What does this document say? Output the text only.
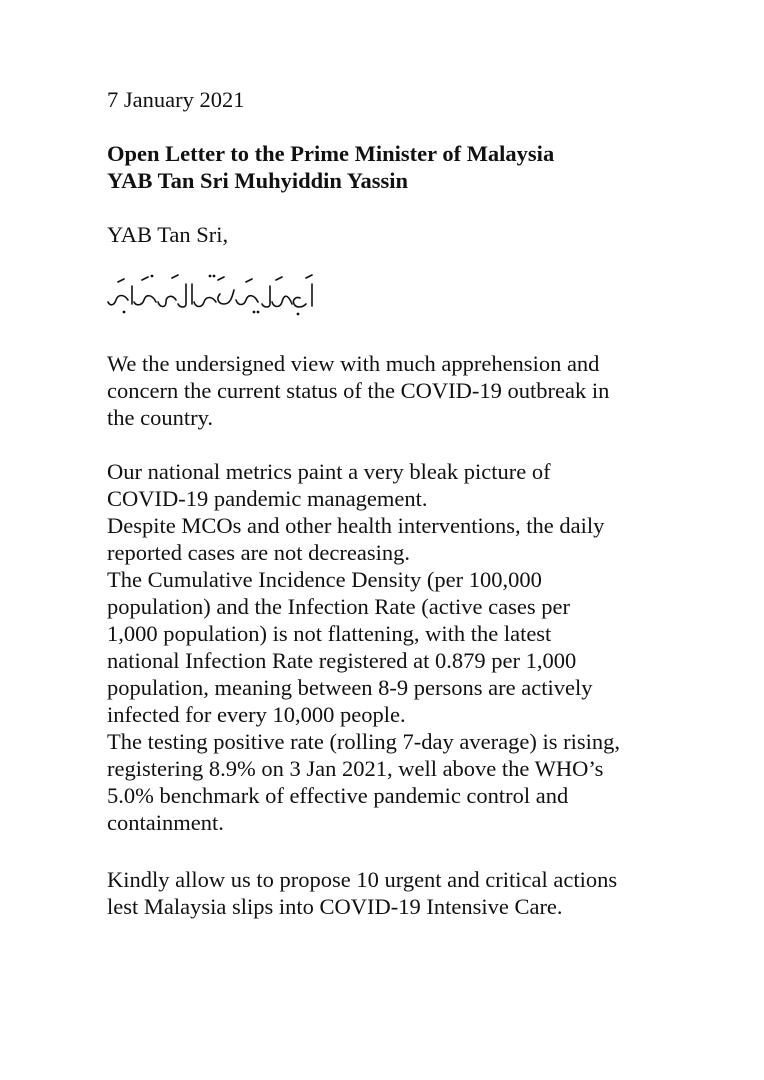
7 January 2021

Open Letter to the Prime Minister of Malaysia
YAB Tan Sri Muhyiddin Yassin

YAB Tan Sri,

We the undersigned view with much apprehension and
concern the current status of the COVID-19 outbreak in
the country.
Our national metrics paint a very bleak picture of
COVID-19 pandemic management.
Despite MCOs and other health interventions, the daily
reported cases are not decreasing.
The Cumulative Incidence Density (per 100,000
population) and the Infection Rate (active cases per
1,000 population) is not flattening, with the latest
national Infection Rate registered at 0.879 per 1,000
population, meaning between 8-9 persons are actively
infected for every 10,000 people.
The testing positive rate (rolling 7-day average) is rising,
registering 8.9% on 3 Jan 2021, well above the WHO’s
5.0% benchmark of effective pandemic control and
containment.
Kindly allow us to propose 10 urgent and critical actions
lest Malaysia slips into COVID-19 Intensive Care.
